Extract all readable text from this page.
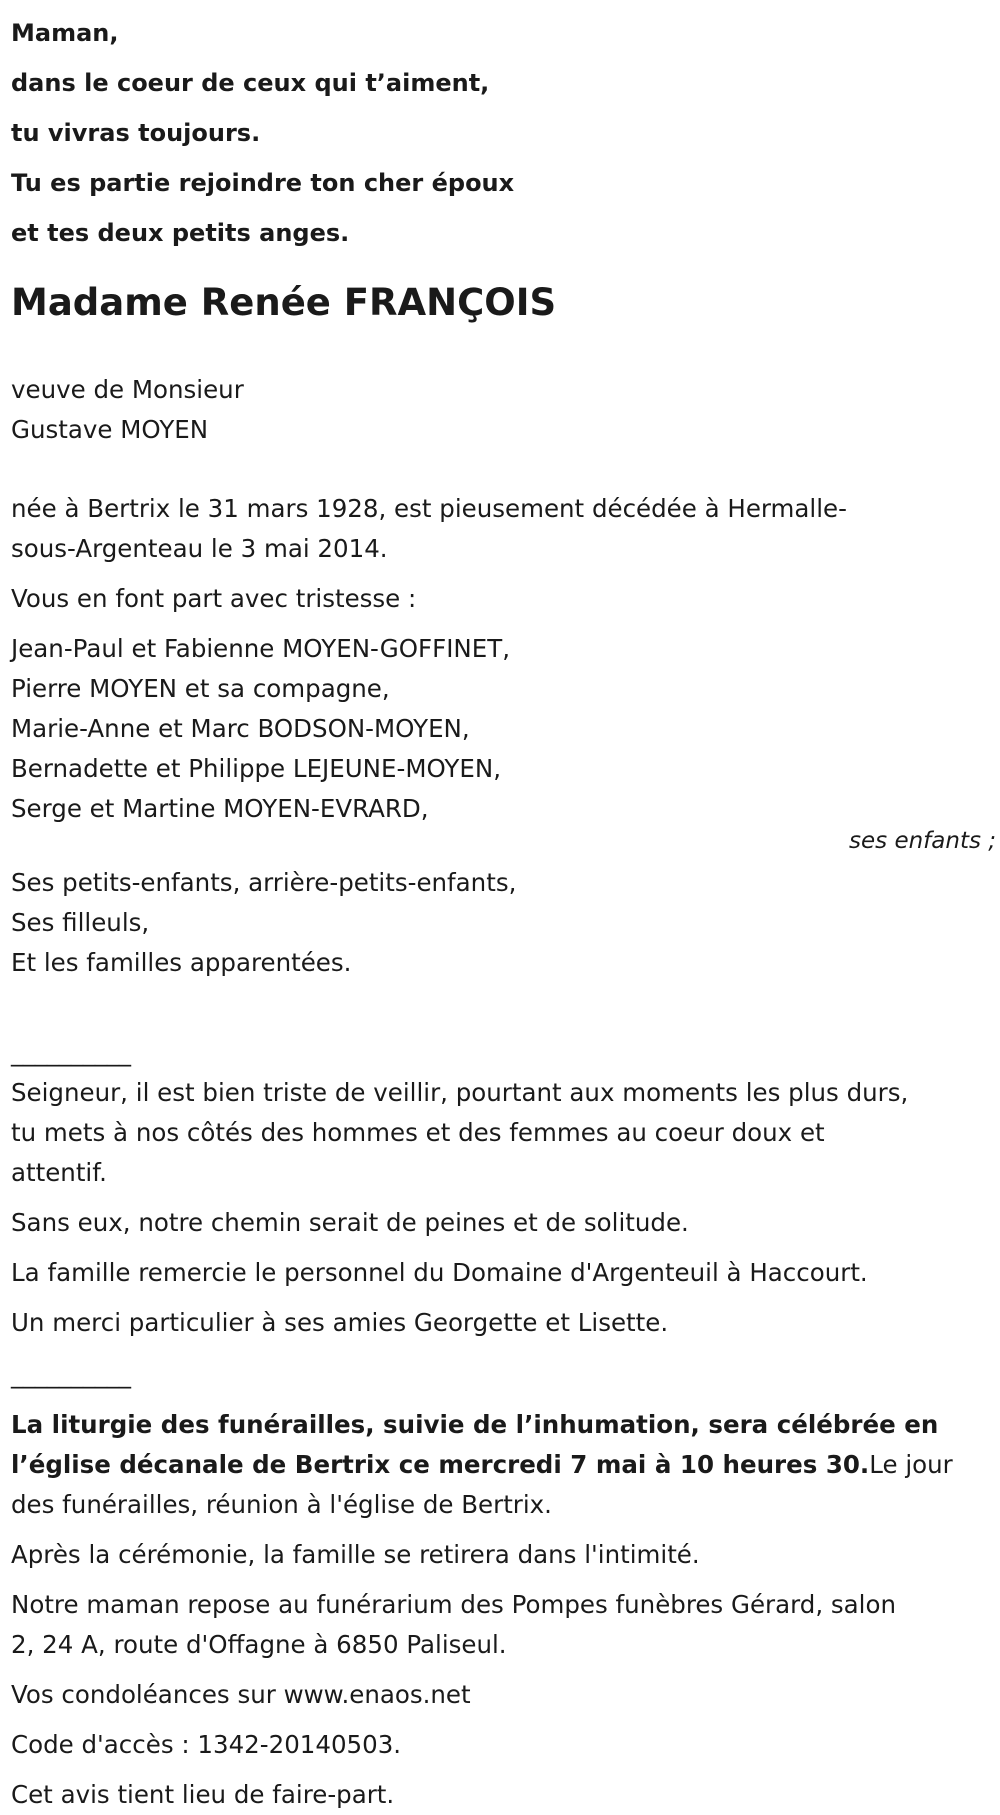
Maman,
dans le coeur de ceux qui t’aiment,
tu vivras toujours.
Tu es partie rejoindre ton cher époux
et tes deux petits anges.
Madame Renée FRANÇOIS
veuve de Monsieur
Gustave MOYEN
née à Bertrix le 31 mars 1928, est pieusement décédée à Hermalle-
sous-Argenteau le 3 mai 2014.
Vous en font part avec tristesse :
Jean-Paul et Fabienne MOYEN-GOFFINET,
Pierre MOYEN et sa compagne,
Marie-Anne et Marc BODSON-MOYEN,
Bernadette et Philippe LEJEUNE-MOYEN,
Serge et Martine MOYEN-EVRARD,
ses enfants ;
Ses petits-enfants, arrière-petits-enfants,
Ses filleuls,
Et les familles apparentées.
__________
Seigneur, il est bien triste de veillir, pourtant aux moments les plus durs,
tu mets à nos côtés des hommes et des femmes au coeur doux et
attentif.
Sans eux, notre chemin serait de peines et de solitude.
La famille remercie le personnel du Domaine d'Argenteuil à Haccourt.
Un merci particulier à ses amies Georgette et Lisette.
__________
La liturgie des funérailles, suivie de l’inhumation, sera célébrée en
l’église décanale de Bertrix ce mercredi 7 mai à 10 heures 30.Le jour
des funérailles, réunion à l'église de Bertrix.
Après la cérémonie, la famille se retirera dans l'intimité.
Notre maman repose au funérarium des Pompes funèbres Gérard, salon
2, 24 A, route d'Offagne à 6850 Paliseul.
Vos condoléances sur www.enaos.net
Code d'accès : 1342-20140503.
Cet avis tient lieu de faire-part.
